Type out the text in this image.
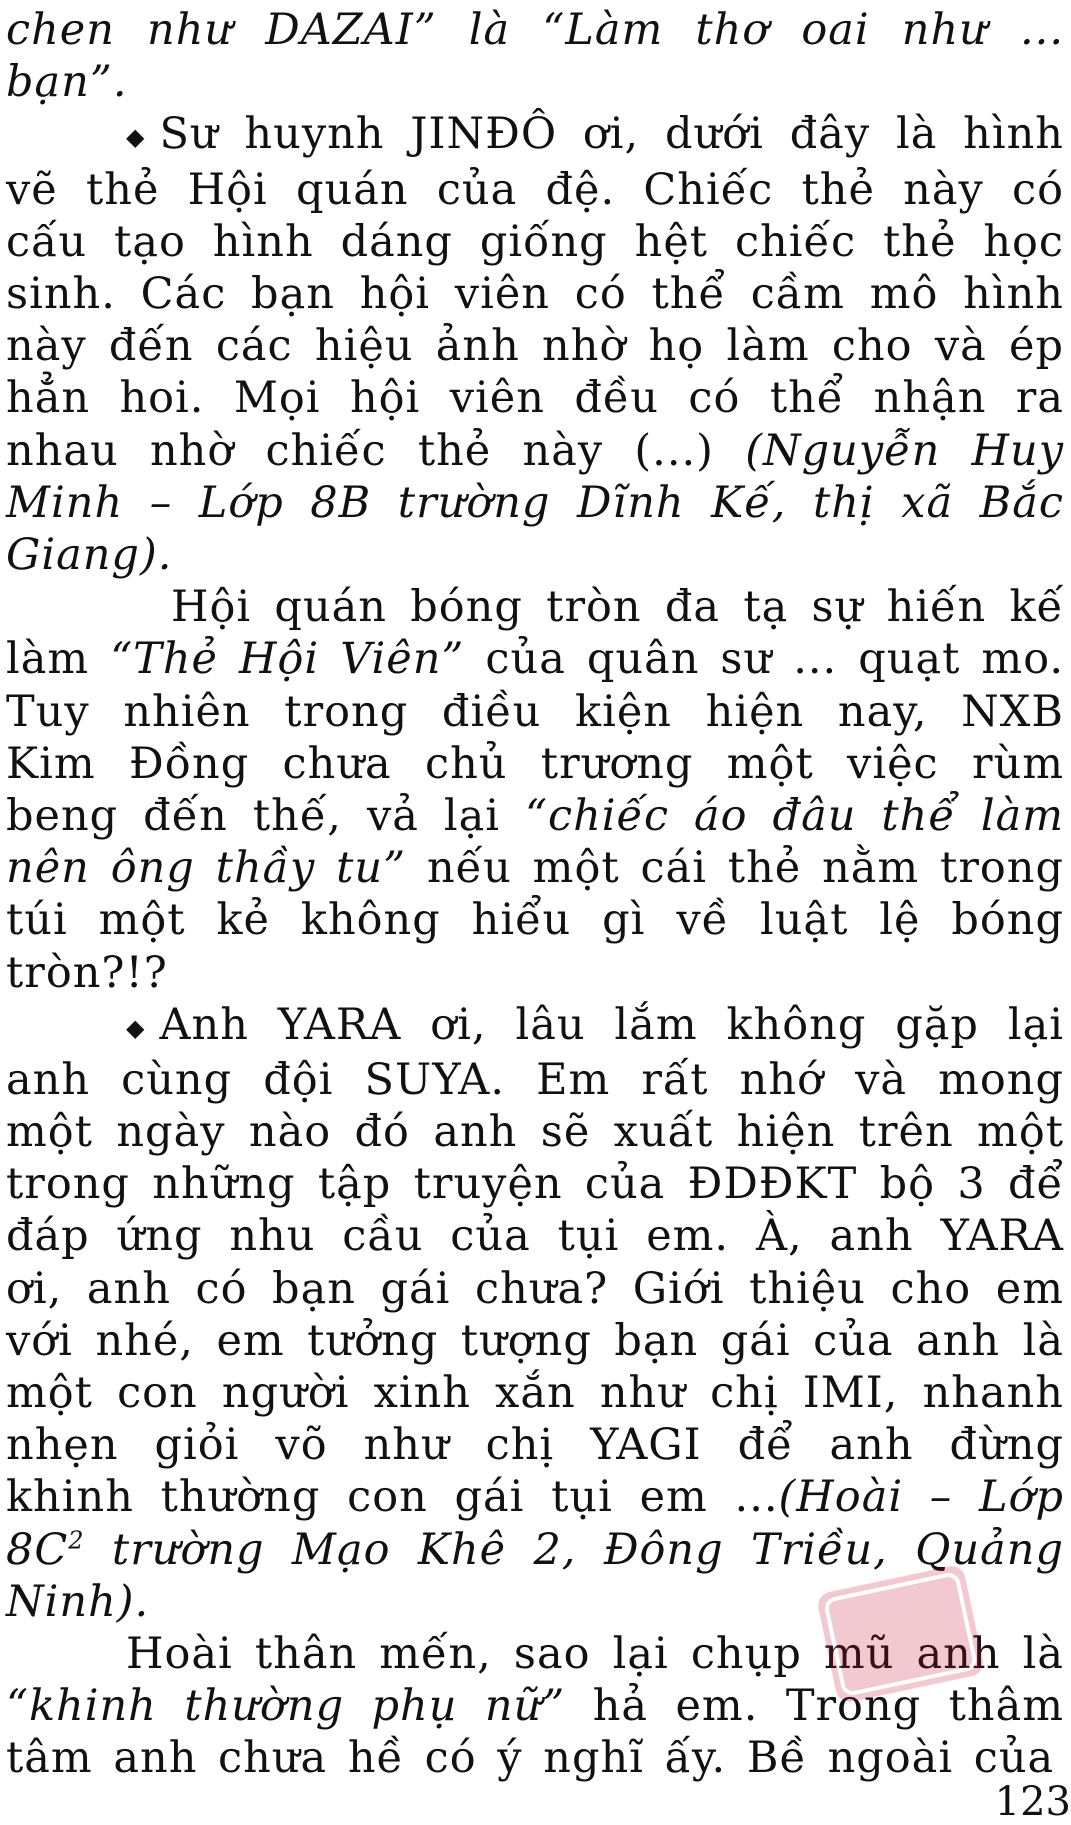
chen như DAZAI” là “Làm thơ oai như ... bạn”.

◆ Sư huynh JINĐÔ ơi, dưới đây là hình vẽ thẻ Hội quán của đệ. Chiếc thẻ này có cấu tạo hình dáng giống hệt chiếc thẻ học sinh. Các bạn hội viên có thể cầm mô hình này đến các hiệu ảnh nhờ họ làm cho và ép hẳn hoi. Mọi hội viên đều có thể nhận ra nhau nhờ chiếc thẻ này (...) (Nguyễn Huy Minh – Lớp 8B trường Dĩnh Kế, thị xã Bắc Giang).

Hội quán bóng tròn đa tạ sự hiến kế làm “Thẻ Hội Viên” của quân sư ... quạt mo. Tuy nhiên trong điều kiện hiện nay, NXB Kim Đồng chưa chủ trương một việc rùm beng đến thế, vả lại “chiếc áo đâu thể làm nên ông thầy tu” nếu một cái thẻ nằm trong túi một kẻ không hiểu gì về luật lệ bóng tròn?!?

◆ Anh YARA ơi, lâu lắm không gặp lại anh cùng đội SUYA. Em rất nhớ và mong một ngày nào đó anh sẽ xuất hiện trên một trong những tập truyện của ĐDĐKT bộ 3 để đáp ứng nhu cầu của tụi em. À, anh YARA ơi, anh có bạn gái chưa? Giới thiệu cho em với nhé, em tưởng tượng bạn gái của anh là một con người xinh xắn như chị IMI, nhanh nhẹn giỏi võ như chị YAGI để anh đừng khinh thường con gái tụi em ...(Hoài – Lớp $8C^2$ trường Mạo Khê 2, Đông Triều, Quảng Ninh).

Hoài thân mến, sao lại chụp mũ anh là “khinh thường phụ nữ” hả em. Trong thâm tâm anh chưa hề có ý nghĩ ấy. Bề ngoài của

123
